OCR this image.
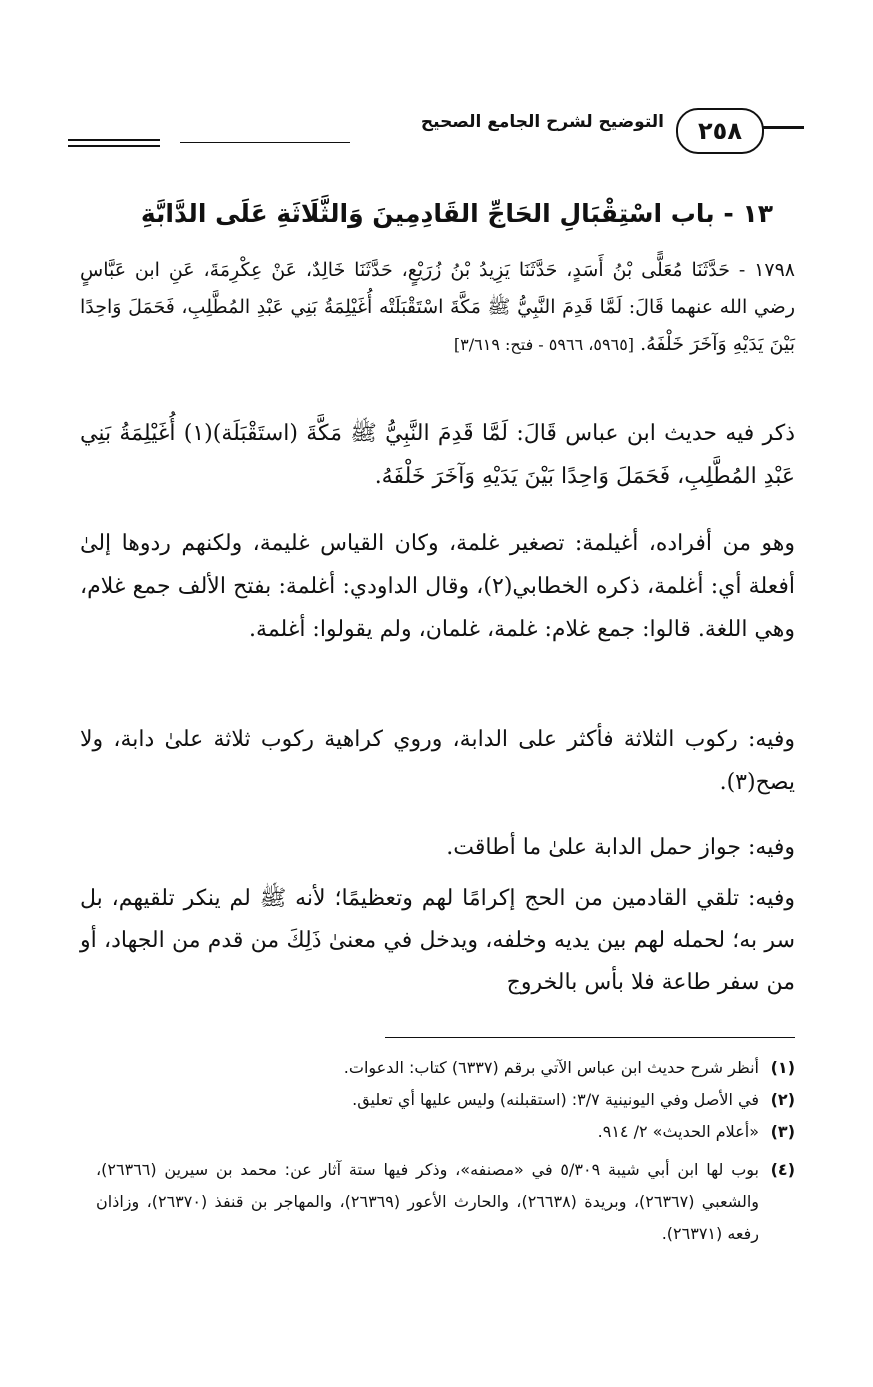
التوضيح لشرح الجامع الصحيح	٢٥٨
١٣ - باب اسْتِقْبَالِ الحَاجِّ القَادِمِينَ وَالثَّلَاثَةِ عَلَى الدَّابَّةِ
١٧٩٨ - حَدَّثَنَا مُعَلًّى بْنُ أَسَدٍ، حَدَّثَنَا يَزِيدُ بْنُ زُرَيْعٍ، حَدَّثَنَا خَالِدٌ، عَنْ عِكْرِمَةَ، عَنِ ابن عَبَّاسٍ رضي الله عنهما قَالَ: لَمَّا قَدِمَ النَّبِيُّ ﷺ مَكَّةَ اسْتَقْبَلَتْه أُغَيْلِمَةُ بَنِي عَبْدِ المُطَّلِبِ، فَحَمَلَ وَاحِدًا بَيْنَ يَدَيْهِ وَآخَرَ خَلْفَهُ. [٥٩٦٥، ٥٩٦٦ - فتح: ٣/٦١٩]
ذكر فيه حديث ابن عباس قَالَ: لَمَّا قَدِمَ النَّبِيُّ ﷺ مَكَّةَ (استَقْبَلَة)(١) أُغَيْلِمَةُ بَنِي عَبْدِ المُطَّلِبِ، فَحَمَلَ وَاحِدًا بَيْنَ يَدَيْهِ وَآخَرَ خَلْفَهُ.
وهو من أفراده، أغيلمة: تصغير غلمة، وكان القياس غليمة، ولكنهم ردوها إلىٰ أفعلة أي: أغلمة، ذكره الخطابي(٢)، وقال الداودي: أغلمة: بفتح الألف جمع غلام، وهي اللغة. قالوا: جمع غلام: غلمة، غلمان، ولم يقولوا: أغلمة.
وفيه: ركوب الثلاثة فأكثر على الدابة، وروي كراهية ركوب ثلاثة علىٰ دابة، ولا يصح(٣).
وفيه: جواز حمل الدابة علىٰ ما أطاقت.
وفيه: تلقي القادمين من الحج إكرامًا لهم وتعظيمًا؛ لأنه ﷺ لم ينكر تلقيهم، بل سر به؛ لحمله لهم بين يديه وخلفه، ويدخل في معنىٰ ذَلِكَ من قدم من الجهاد، أو من سفر طاعة فلا بأس بالخروج
(١)
أنظر شرح حديث ابن عباس الآتي برقم (٦٣٣٧) كتاب: الدعوات.
(٢)
في الأصل وفي اليونينية ٣/٧: (استقبلنه) وليس عليها أي تعليق.
(٣)
«أعلام الحديث» ٢/ ٩١٤.
(٤)
بوب لها ابن أبي شيبة ٥/٣٠٩ في «مصنفه»، وذكر فيها ستة آثار عن: محمد بن سيرين (٢٦٣٦٦)، والشعبي (٢٦٣٦٧)، وبريدة (٢٦٦٣٨)، والحارث الأعور (٢٦٣٦٩)، والمهاجر بن قنفذ (٢٦٣٧٠)، وزاذان رفعه (٢٦٣٧١).
